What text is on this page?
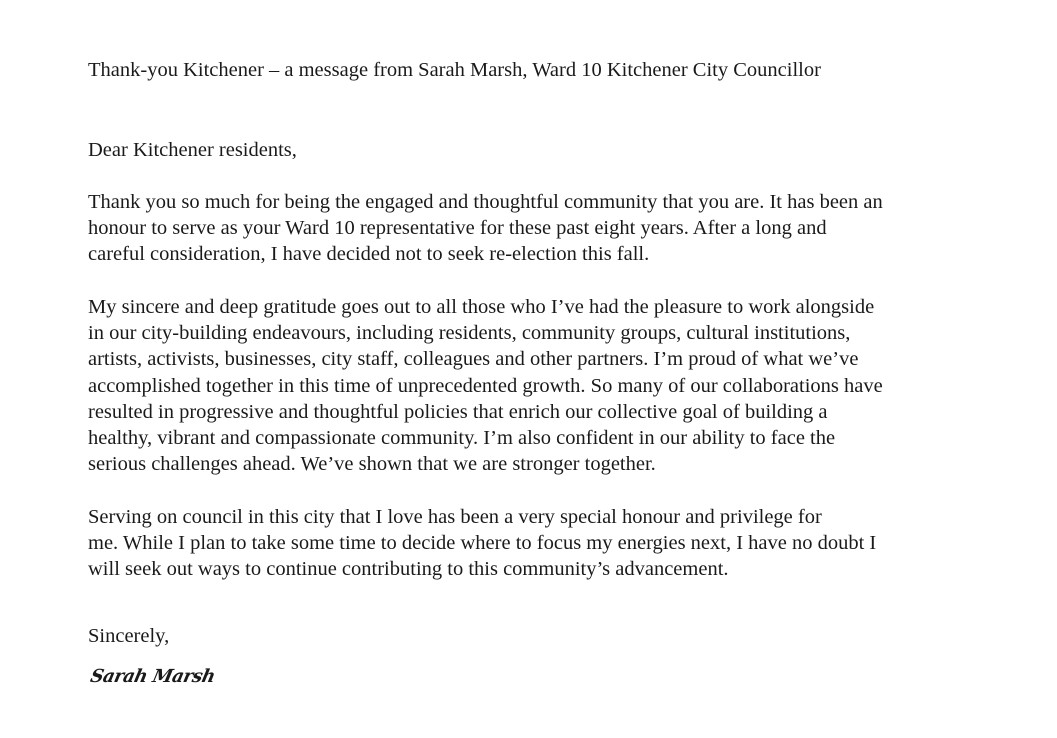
Thank-you Kitchener – a message from Sarah Marsh, Ward 10 Kitchener City Councillor
Dear Kitchener residents,

Thank you so much for being the engaged and thoughtful community that you are. It has been an
honour to serve as your Ward 10 representative for these past eight years. After a long and
careful consideration, I have decided not to seek re-election this fall.

My sincere and deep gratitude goes out to all those who I’ve had the pleasure to work alongside
in our city-building endeavours, including residents, community groups, cultural institutions,
artists, activists, businesses, city staff, colleagues and other partners. I’m proud of what we’ve
accomplished together in this time of unprecedented growth. So many of our collaborations have
resulted in progressive and thoughtful policies that enrich our collective goal of building a
healthy, vibrant and compassionate community. I’m also confident in our ability to face the
serious challenges ahead. We’ve shown that we are stronger together.

Serving on council in this city that I love has been a very special honour and privilege for
me. While I plan to take some time to decide where to focus my energies next, I have no doubt I
will seek out ways to continue contributing to this community’s advancement.

Sincerely,
Sarah Marsh
